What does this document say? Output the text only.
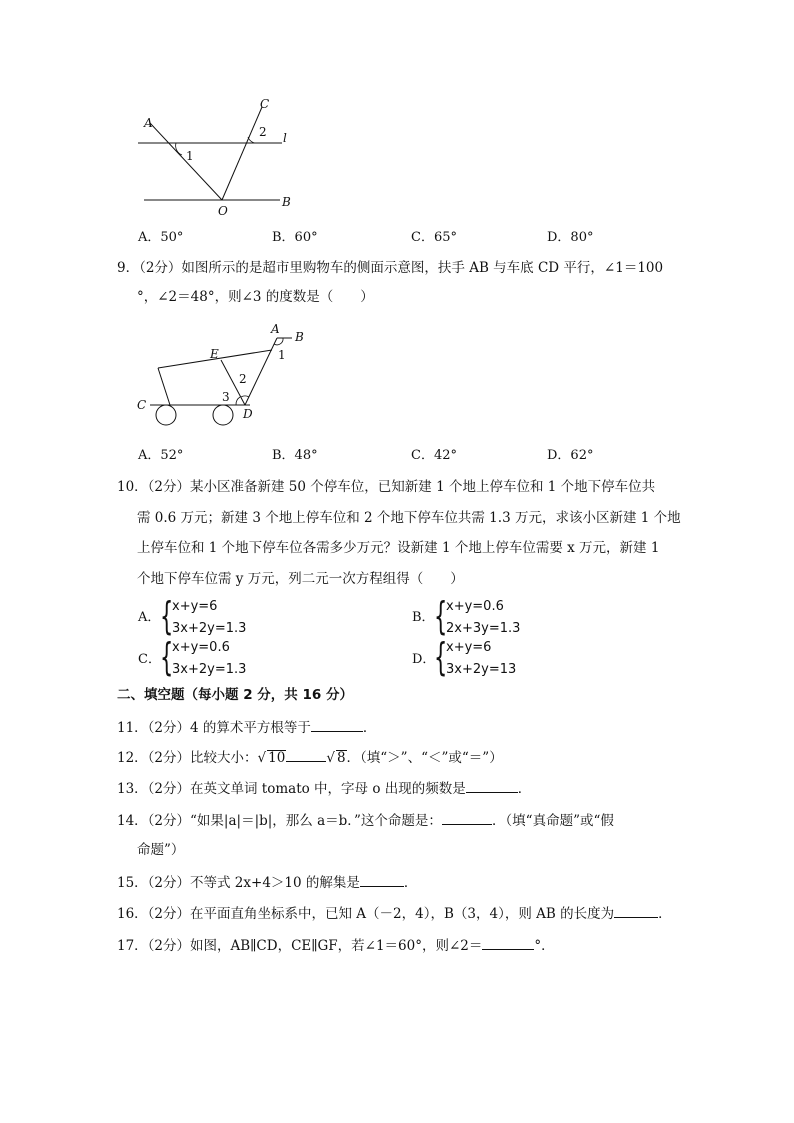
A
C
2 l
1
O
B
A．50°	B．60°	C．65°	D．80°
9．（2分）如图所示的是超市里购物车的侧面示意图，扶手 AB 与车底 CD 平行，∠1＝100
°，∠2＝48°，则∠3 的度数是（　　）
A
B
1
E
2
3
D
C
A．52°	B．48°	C．42°	D．62°
10．（2分）某小区准备新建 50 个停车位，已知新建 1 个地上停车位和 1 个地下停车位共
需 0.6 万元；新建 3 个地上停车位和 2 个地下停车位共需 1.3 万元，求该小区新建 1 个地
上停车位和 1 个地下停车位各需多少万元？设新建 1 个地上停车位需要 x 万元，新建 1
个地下停车位需 y 万元，列二元一次方程组得（　　）
A． {
x+y=6
3x+2y=1.3
B． {
x+y=0.6
2x+3y=1.3
C． {
x+y=0.6
3x+2y=1.3
D．
{
x+y=6
3x+2y=13
二、填空题（每小题 2 分，共 16 分）
11．（2分）4 的算术平方根等于	．
12．（2分）比较大小：√ 10	√ 8．（填“＞”、“＜”或“＝”）
13．（2分）在英文单词 tomato 中，字母 o 出现的频数是	．
14．（2分）“如果|a|＝|b|，那么 a＝b．”这个命题是：	．（填“真命题”或“假
命题”）
15．（2分）不等式 2x+4＞10 的解集是	．
16．（2分）在平面直角坐标系中，已知 A（－2，4），B（3，4），则 AB 的长度为	．
17．（2分）如图，AB∥CD，CE∥GF，若∠1＝60°，则∠2＝	°．
